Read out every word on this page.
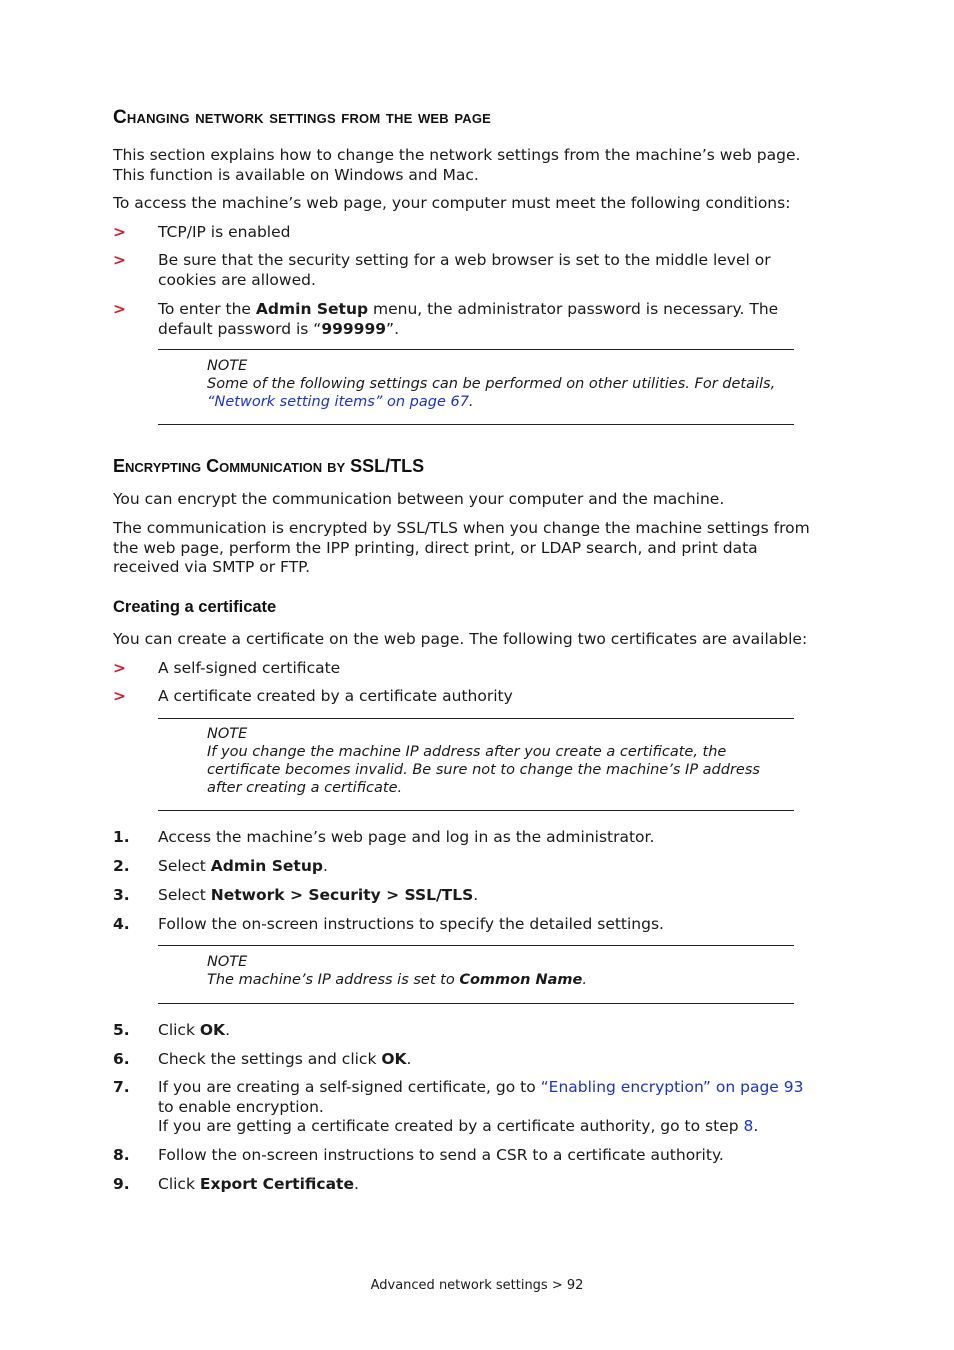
Changing network settings from the web page
This section explains how to change the network settings from the machine’s web page.
This function is available on Windows and Mac.
To access the machine’s web page, your computer must meet the following conditions:
> TCP/IP is enabled
> Be sure that the security setting for a web browser is set to the middle level or
cookies are allowed.
> To enter the Admin Setup menu, the administrator password is necessary. The
default password is “999999”.
NOTE
Some of the following settings can be performed on other utilities. For details,
“Network setting items” on page 67.
Encrypting Communication by SSL/TLS
You can encrypt the communication between your computer and the machine.
The communication is encrypted by SSL/TLS when you change the machine settings from
the web page, perform the IPP printing, direct print, or LDAP search, and print data
received via SMTP or FTP.
Creating a certificate
You can create a certificate on the web page. The following two certificates are available:
> A self-signed certificate
> A certificate created by a certificate authority
NOTE
If you change the machine IP address after you create a certificate, the
certificate becomes invalid. Be sure not to change the machine’s IP address
after creating a certificate.
1. Access the machine’s web page and log in as the administrator.
2. Select Admin Setup.
3. Select Network > Security > SSL/TLS.
4. Follow the on-screen instructions to specify the detailed settings.
NOTE
The machine’s IP address is set to Common Name.
5. Click OK.
6. Check the settings and click OK.
7. If you are creating a self-signed certificate, go to “Enabling encryption” on page 93
to enable encryption.
If you are getting a certificate created by a certificate authority, go to step 8.
8. Follow the on-screen instructions to send a CSR to a certificate authority.
9. Click Export Certificate.
Advanced network settings > 92
